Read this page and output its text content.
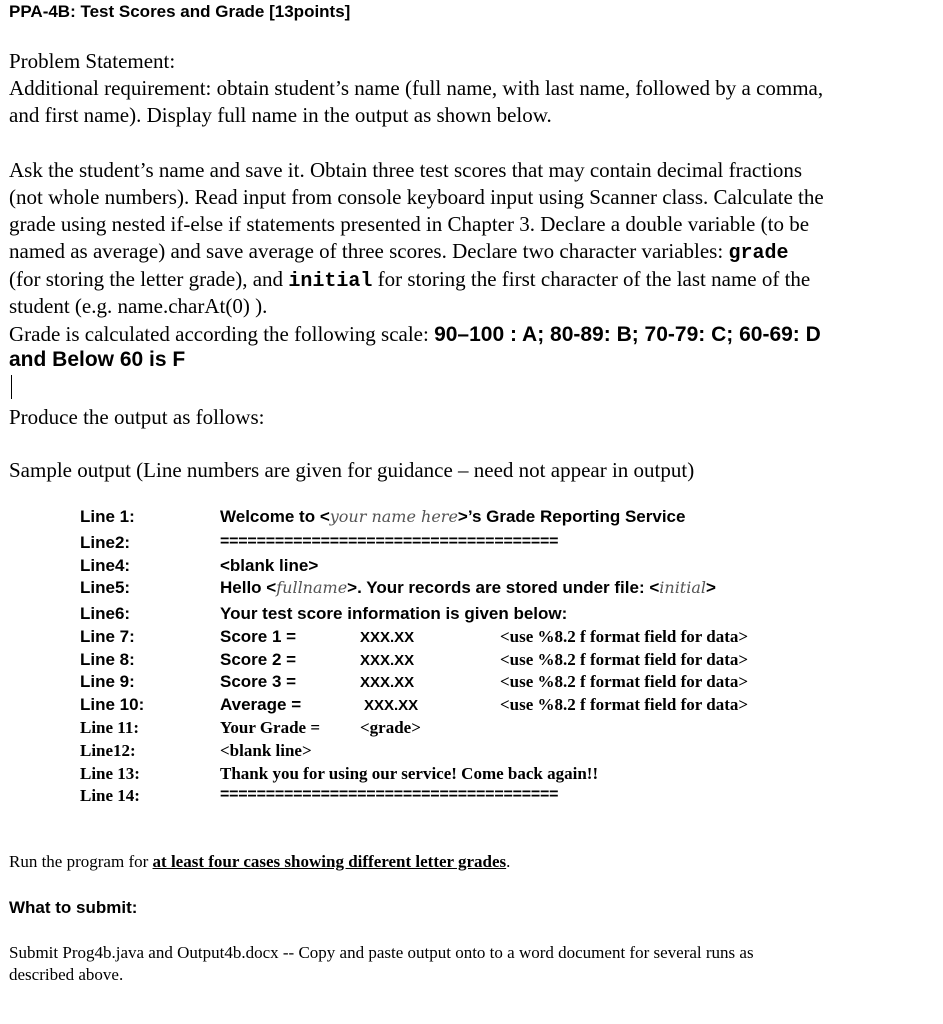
PPA-4B: Test Scores and Grade [13points]
Problem Statement:
Additional requirement: obtain student’s name (full name, with last name, followed by a comma,
and first name). Display full name in the output as shown below.
Ask the student’s name and save it. Obtain three test scores that may contain decimal fractions
(not whole numbers). Read input from console keyboard input using Scanner class. Calculate the
grade using nested if-else if statements presented in Chapter 3. Declare a double variable (to be
named as average) and save average of three scores. Declare two character variables: grade
(for storing the letter grade), and initial for storing the first character of the last name of the
student (e.g. name.charAt(0) ).
Grade is calculated according the following scale: 90–100 : A; 80-89: B; 70-79: C; 60-69: D
and Below 60 is F
Produce the output as follows:
Sample output (Line numbers are given for guidance – need not appear in output)
Line 1:	Welcome to <your name here>’s Grade Reporting Service
Line2:	=====================================
Line4:	<blank line>
Line5:	Hello <fullname>. Your records are stored under file: <initial>
Line6:	Your test score information is given below:
Line 7:	Score 1 =	XXX.XX	<use %8.2 f format field for data>
Line 8:	Score 2 =	XXX.XX	<use %8.2 f format field for data>
Line 9:	Score 3 =	XXX.XX	<use %8.2 f format field for data>
Line 10:	Average =	XXX.XX	<use %8.2 f format field for data>
Line 11:	Your Grade = <grade>
Line12:	<blank line>
Line 13:	Thank you for using our service! Come back again!!
Line 14:	=====================================
Run the program for at least four cases showing different letter grades.
What to submit:
Submit Prog4b.java and Output4b.docx -- Copy and paste output onto to a word document for several runs as
described above.
